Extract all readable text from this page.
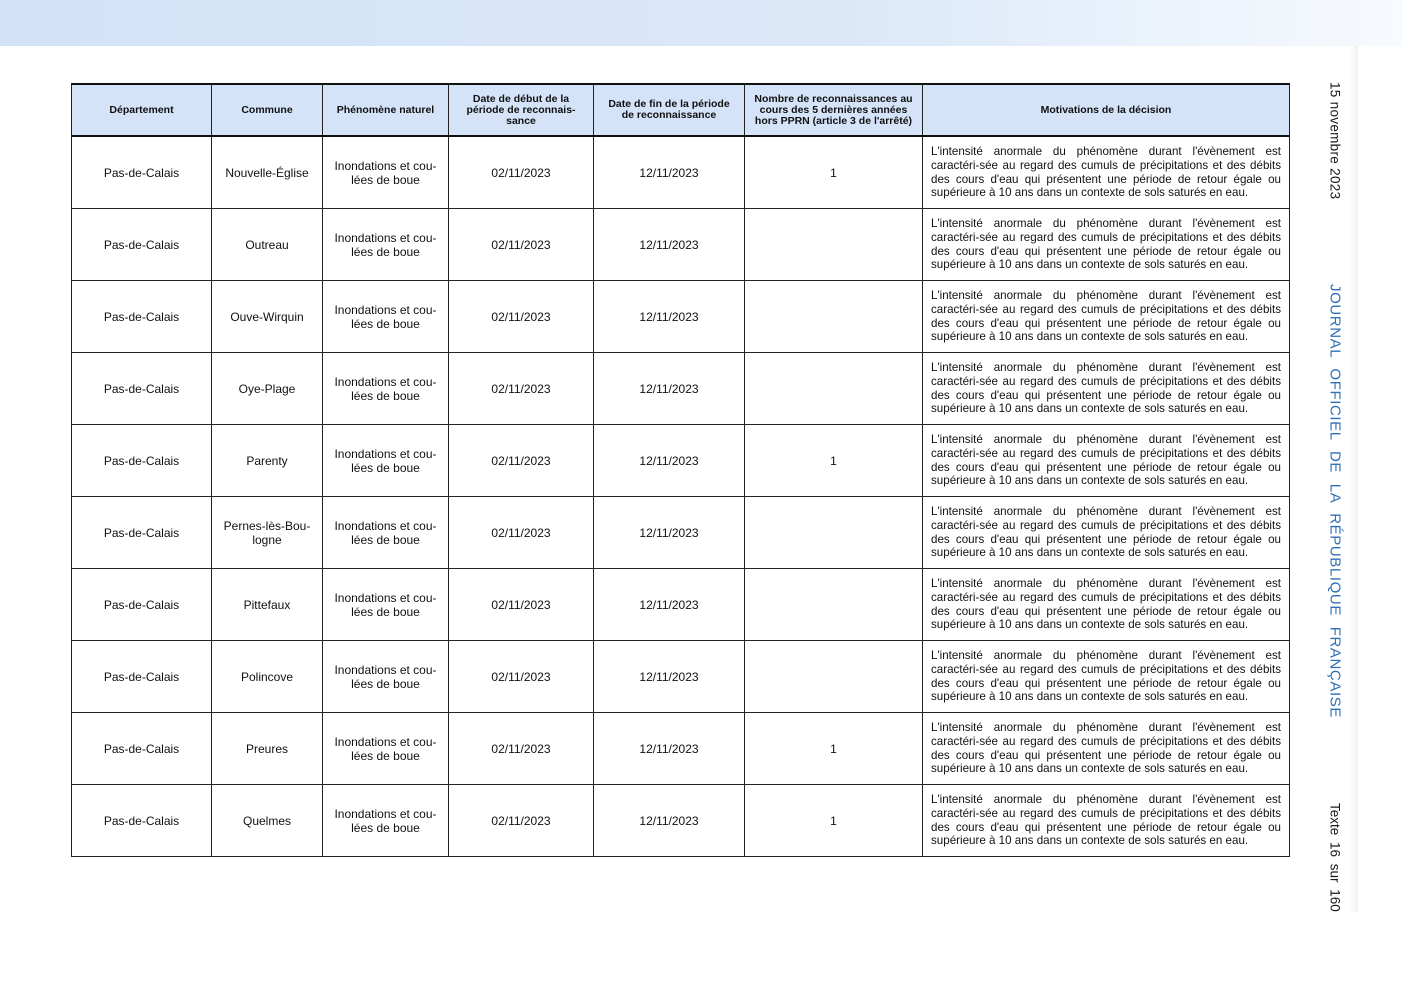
Département	Commune	Phénomène naturel	Date de début de la période de reconnais-sance	Date de fin de la période de reconnaissance	Nombre de reconnaissances au cours des 5 dernières années hors PPRN (article 3 de l'arrêté)	Motivations de la décision
Pas-de-Calais	Nouvelle-Église	Inondations et cou-lées de boue	02/11/2023	12/11/2023	1	L'intensité anormale du phénomène durant l'évènement est caractéri-sée au regard des cumuls de précipitations et des débits des cours d'eau qui présentent une période de retour égale ou supérieure à 10 ans dans un contexte de sols saturés en eau.
Pas-de-Calais	Outreau	Inondations et cou-lées de boue	02/11/2023	12/11/2023		L'intensité anormale du phénomène durant l'évènement est caractéri-sée au regard des cumuls de précipitations et des débits des cours d'eau qui présentent une période de retour égale ou supérieure à 10 ans dans un contexte de sols saturés en eau.
Pas-de-Calais	Ouve-Wirquin	Inondations et cou-lées de boue	02/11/2023	12/11/2023		L'intensité anormale du phénomène durant l'évènement est caractéri-sée au regard des cumuls de précipitations et des débits des cours d'eau qui présentent une période de retour égale ou supérieure à 10 ans dans un contexte de sols saturés en eau.
Pas-de-Calais	Oye-Plage	Inondations et cou-lées de boue	02/11/2023	12/11/2023		L'intensité anormale du phénomène durant l'évènement est caractéri-sée au regard des cumuls de précipitations et des débits des cours d'eau qui présentent une période de retour égale ou supérieure à 10 ans dans un contexte de sols saturés en eau.
Pas-de-Calais	Parenty	Inondations et cou-lées de boue	02/11/2023	12/11/2023	1	L'intensité anormale du phénomène durant l'évènement est caractéri-sée au regard des cumuls de précipitations et des débits des cours d'eau qui présentent une période de retour égale ou supérieure à 10 ans dans un contexte de sols saturés en eau.
Pas-de-Calais	Pernes-lès-Bou-logne	Inondations et cou-lées de boue	02/11/2023	12/11/2023		L'intensité anormale du phénomène durant l'évènement est caractéri-sée au regard des cumuls de précipitations et des débits des cours d'eau qui présentent une période de retour égale ou supérieure à 10 ans dans un contexte de sols saturés en eau.
Pas-de-Calais	Pittefaux	Inondations et cou-lées de boue	02/11/2023	12/11/2023		L'intensité anormale du phénomène durant l'évènement est caractéri-sée au regard des cumuls de précipitations et des débits des cours d'eau qui présentent une période de retour égale ou supérieure à 10 ans dans un contexte de sols saturés en eau.
Pas-de-Calais	Polincove	Inondations et cou-lées de boue	02/11/2023	12/11/2023		L'intensité anormale du phénomène durant l'évènement est caractéri-sée au regard des cumuls de précipitations et des débits des cours d'eau qui présentent une période de retour égale ou supérieure à 10 ans dans un contexte de sols saturés en eau.
Pas-de-Calais	Preures	Inondations et cou-lées de boue	02/11/2023	12/11/2023	1	L'intensité anormale du phénomène durant l'évènement est caractéri-sée au regard des cumuls de précipitations et des débits des cours d'eau qui présentent une période de retour égale ou supérieure à 10 ans dans un contexte de sols saturés en eau.
Pas-de-Calais	Quelmes	Inondations et cou-lées de boue	02/11/2023	12/11/2023	1	L'intensité anormale du phénomène durant l'évènement est caractéri-sée au regard des cumuls de précipitations et des débits des cours d'eau qui présentent une période de retour égale ou supérieure à 10 ans dans un contexte de sols saturés en eau.
15 novembre 2023
JOURNAL OFFICIEL DE LA RÉPUBLIQUE FRANÇAISE
Texte 16 sur 160
